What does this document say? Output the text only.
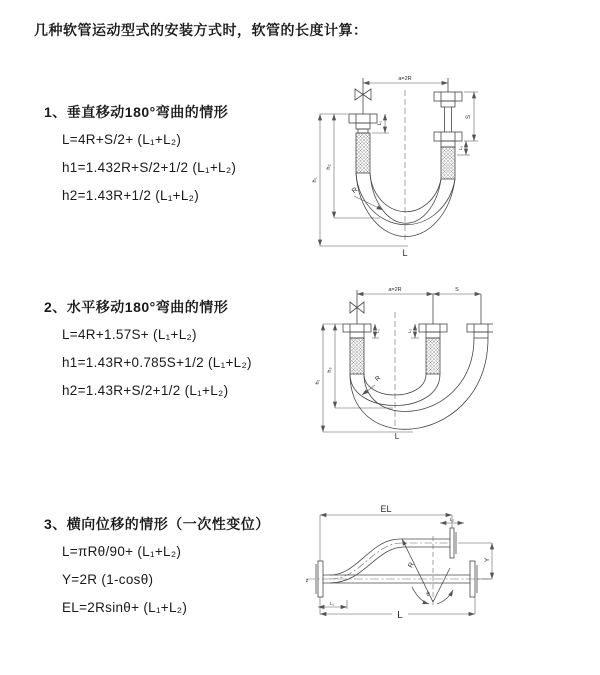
几种软管运动型式的安装方式时，软管的长度计算：
1、垂直移动180°弯曲的情形
L=4R+S/2+ (L₁+L₂)
h1=1.432R+S/2+1/2 (L₁+L₂)
h2=1.43R+1/2 (L₁+L₂)
a=2R
h₁
h₂
L₁
S
L₂
R
L
2、水平移动180°弯曲的情形
L=4R+1.57S+ (L₁+L₂)
h1=1.43R+0.785S+1/2 (L₁+L₂)
h2=1.43R+S/2+1/2 (L₁+L₂)
a=2R	S
h₁
h₂
L₁	L₂
R
L
3、横向位移的情形（一次性变位）
L=πRθ/90+ (L₁+L₂)
Y=2R (1-cosθ)
EL=2Rsinθ+ (L₁+L₂)
EL
L₂
Y
R
θ
L₁
L
z
